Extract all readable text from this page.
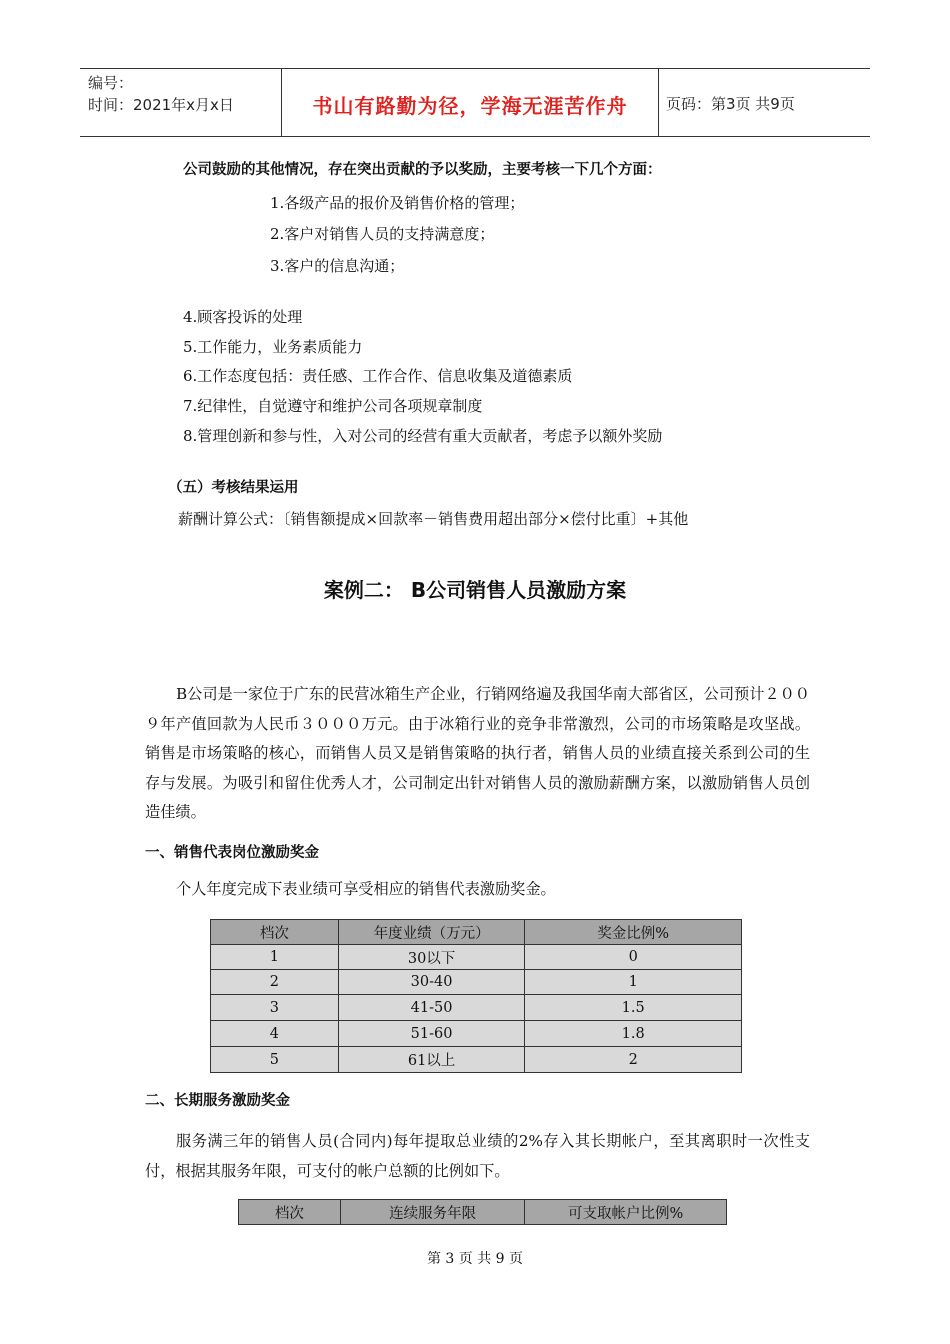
编号：
时间：2021年x月x日	书山有路勤为径，学海无涯苦作舟	页码：第3页 共9页
公司鼓励的其他情况，存在突出贡献的予以奖励，主要考核一下几个方面：
1.各级产品的报价及销售价格的管理；
2.客户对销售人员的支持满意度；
3.客户的信息沟通；
4.顾客投诉的处理
5.工作能力，业务素质能力
6.工作态度包括：责任感、工作合作、信息收集及道德素质
7.纪律性，自觉遵守和维护公司各项规章制度
8.管理创新和参与性，入对公司的经营有重大贡献者，考虑予以额外奖励
（五）考核结果运用
薪酬计算公式：〔销售额提成×回款率－销售费用超出部分×偿付比重〕+其他
案例二： B公司销售人员激励方案
B公司是一家位于广东的民营冰箱生产企业，行销网络遍及我国华南大部省区，公司预计２００９年产值回款为人民币３０００万元。由于冰箱行业的竞争非常激烈，公司的市场策略是攻坚战。销售是市场策略的核心，而销售人员又是销售策略的执行者，销售人员的业绩直接关系到公司的生存与发展。为吸引和留住优秀人才，公司制定出针对销售人员的激励薪酬方案，以激励销售人员创造佳绩。
一、销售代表岗位激励奖金
个人年度完成下表业绩可享受相应的销售代表激励奖金。
档次	年度业绩（万元）	奖金比例%
1	30以下	0
2	30-40	1
3	41-50	1.5
4	51-60	1.8
5	61以上	2
二、长期服务激励奖金
服务满三年的销售人员(合同内)每年提取总业绩的2%存入其长期帐户，至其离职时一次性支付，根据其服务年限，可支付的帐户总额的比例如下。
档次	连续服务年限	可支取帐户比例%
第 3 页 共 9 页
